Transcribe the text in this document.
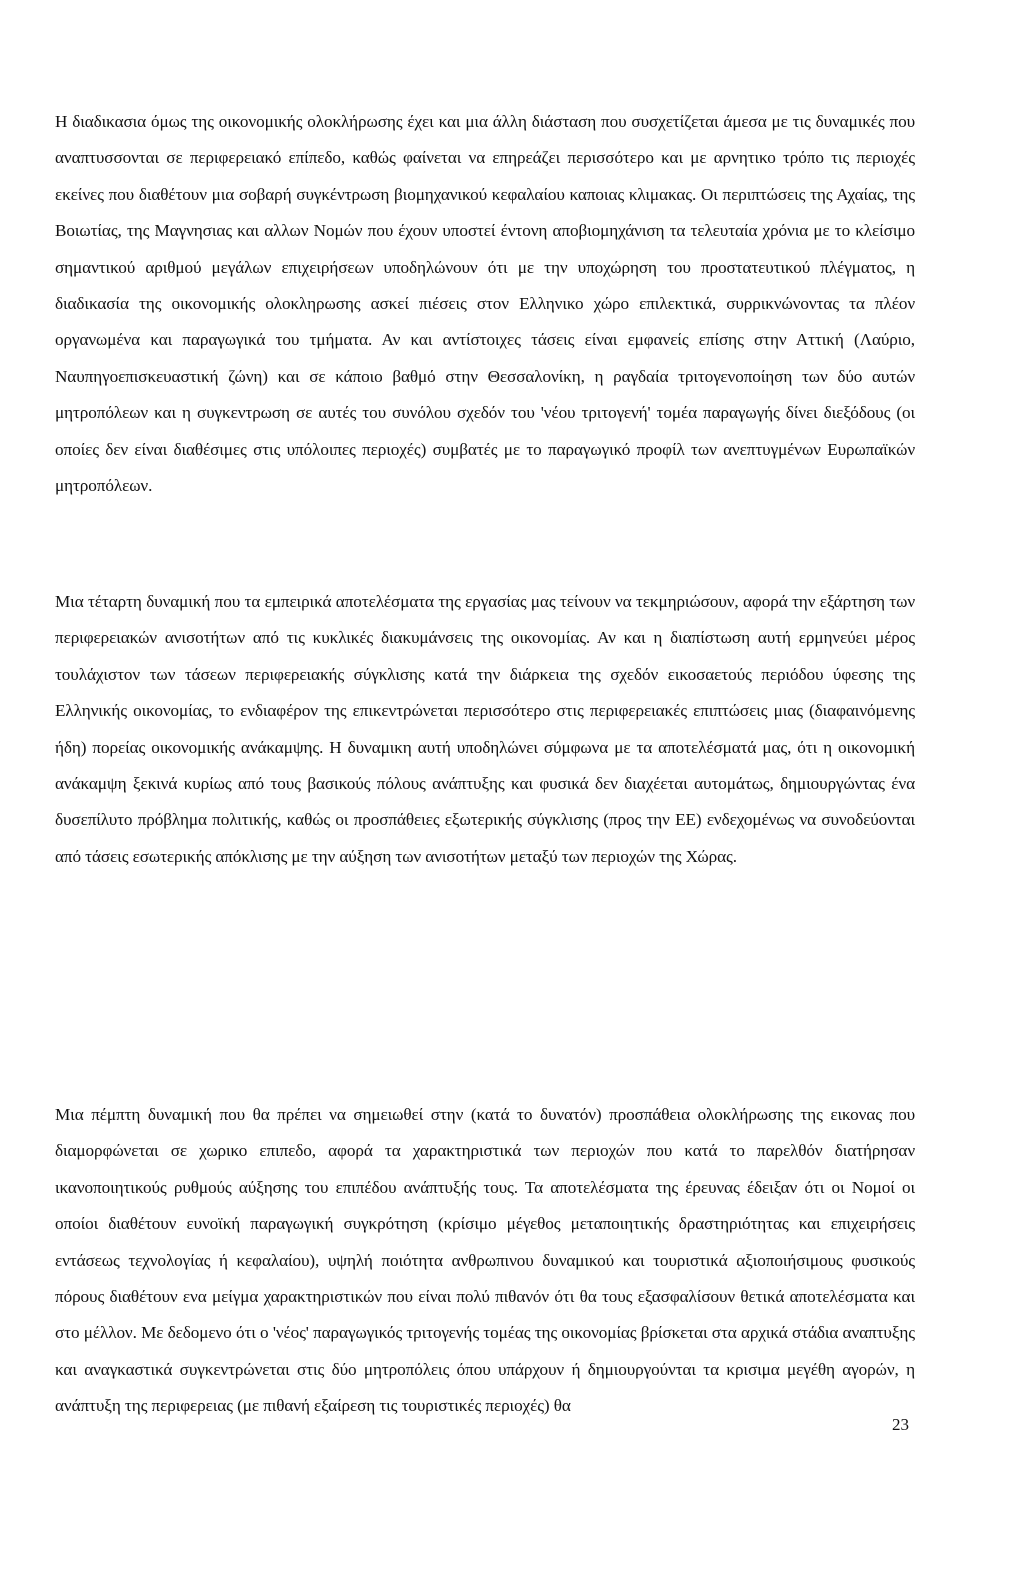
Η διαδικασια όμως της οικονομικής ολοκλήρωσης έχει και μια άλλη διάσταση που συσχετίζεται άμεσα με τις δυναμικές που αναπτυσσονται σε περιφερειακό επίπεδο, καθώς φαίνεται να επηρεάζει περισσότερο και με αρνητικο τρόπο τις περιοχές εκείνες που διαθέτουν μια σοβαρή συγκέντρωση βιομηχανικού κεφαλαίου καποιας κλιμακας. Οι περιπτώσεις της Αχαίας, της Βοιωτίας, της Μαγνησιας και αλλων Νομών που έχουν υποστεί έντονη αποβιομηχάνιση τα τελευταία χρόνια με το κλείσιμο σημαντικού αριθμού μεγάλων επιχειρήσεων υποδηλώνουν ότι με την υποχώρηση του προστατευτικού πλέγματος, η διαδικασία της οικονομικής ολοκληρωσης ασκεί πιέσεις στον Ελληνικο χώρο επιλεκτικά, συρρικνώνοντας τα πλέον οργανωμένα και παραγωγικά του τμήματα. Αν και αντίστοιχες τάσεις είναι εμφανείς επίσης στην Αττική (Λαύριο, Ναυπηγοεπισκευαστική ζώνη) και σε κάποιο βαθμό στην Θεσσαλονίκη, η ραγδαία τριτογενοποίηση των δύο αυτών μητροπόλεων και η συγκεντρωση σε αυτές του συνόλου σχεδόν του 'νέου τριτογενή' τομέα παραγωγής δίνει διεξόδους (οι οποίες δεν είναι διαθέσιμες στις υπόλοιπες περιοχές) συμβατές με το παραγωγικό προφίλ των ανεπτυγμένων Ευρωπαϊκών μητροπόλεων.

Μια τέταρτη δυναμική που τα εμπειρικά αποτελέσματα της εργασίας μας τείνουν να τεκμηριώσουν, αφορά την εξάρτηση των περιφερειακών ανισοτήτων από τις κυκλικές διακυμάνσεις της οικονομίας. Αν και η διαπίστωση αυτή ερμηνεύει μέρος τουλάχιστον των τάσεων περιφερειακής σύγκλισης κατά την διάρκεια της σχεδόν εικοσαετούς περιόδου ύφεσης της Ελληνικής οικονομίας, το ενδιαφέρον της επικεντρώνεται περισσότερο στις περιφερειακές επιπτώσεις μιας (διαφαινόμενης ήδη) πορείας οικονομικής ανάκαμψης. Η δυναμικη αυτή υποδηλώνει σύμφωνα με τα αποτελέσματά μας, ότι η οικονομική ανάκαμψη ξεκινά κυρίως από τους βασικούς πόλους ανάπτυξης και φυσικά δεν διαχέεται αυτομάτως, δημιουργώντας ένα δυσεπίλυτο πρόβλημα πολιτικής, καθώς οι προσπάθειες εξωτερικής σύγκλισης (προς την ΕΕ) ενδεχομένως να συνοδεύονται από τάσεις εσωτερικής απόκλισης με την αύξηση των ανισοτήτων μεταξύ των περιοχών της Χώρας.

Μια πέμπτη δυναμική που θα πρέπει να σημειωθεί στην (κατά το δυνατόν) προσπάθεια ολοκλήρωσης της εικονας που διαμορφώνεται σε χωρικο επιπεδο, αφορά τα χαρακτηριστικά των περιοχών που κατά το παρελθόν διατήρησαν ικανοποιητικούς ρυθμούς αύξησης του επιπέδου ανάπτυξής τους. Τα αποτελέσματα της έρευνας έδειξαν ότι οι Νομοί οι οποίοι διαθέτουν ευνοϊκή παραγωγική συγκρότηση (κρίσιμο μέγεθος μεταποιητικής δραστηριότητας και επιχειρήσεις εντάσεως τεχνολογίας ή κεφαλαίου), υψηλή ποιότητα ανθρωπινου δυναμικού και τουριστικά αξιοποιήσιμους φυσικούς πόρους διαθέτουν ενα μείγμα χαρακτηριστικών που είναι πολύ πιθανόν ότι θα τους εξασφαλίσουν θετικά αποτελέσματα και στο μέλλον. Με δεδομενο ότι ο 'νέος' παραγωγικός τριτογενής τομέας της οικονομίας βρίσκεται στα αρχικά στάδια αναπτυξης και αναγκαστικά συγκεντρώνεται στις δύο μητροπόλεις όπου υπάρχουν ή δημιουργούνται τα κρισιμα μεγέθη αγορών, η ανάπτυξη της περιφερειας (με πιθανή εξαίρεση τις τουριστικές περιοχές) θα

23
